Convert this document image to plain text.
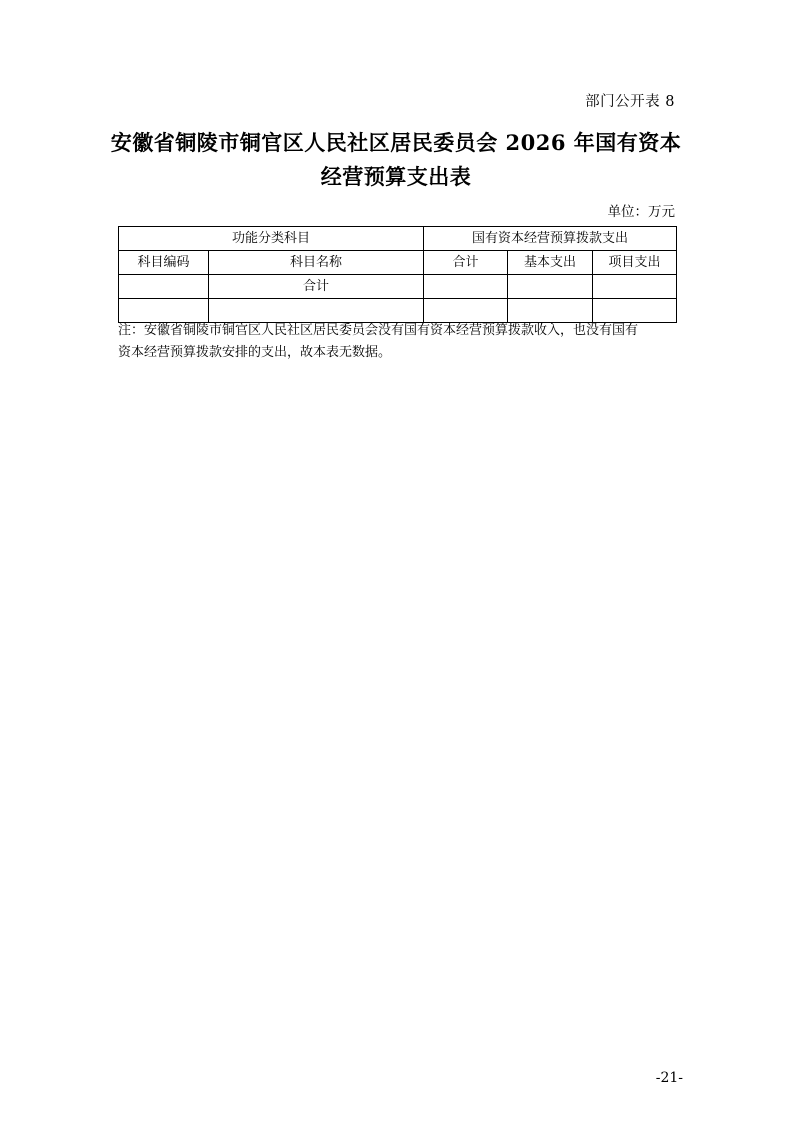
部门公开表 8
安徽省铜陵市铜官区人民社区居民委员会 2026 年国有资本
经营预算支出表
单位：万元
功能分类科目		国有资本经营预算拨款支出		
科目编码	科目名称	合计	基本支出	项目支出
	合计			

注：安徽省铜陵市铜官区人民社区居民委员会没有国有资本经营预算拨款收入，也没有国有
资本经营预算拨款安排的支出，故本表无数据。
-21-
